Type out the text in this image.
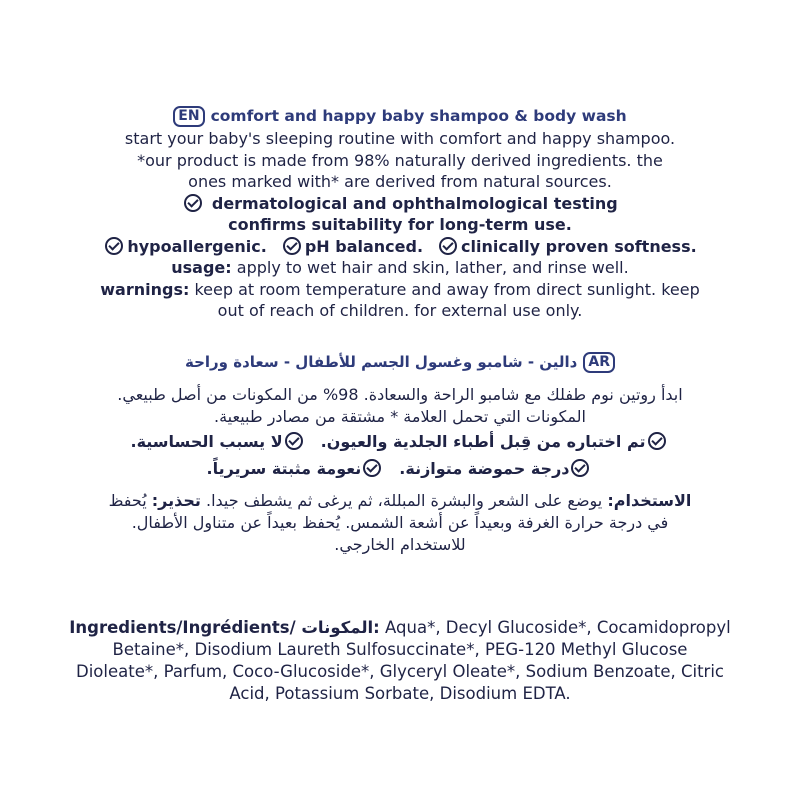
EN comfort and happy baby shampoo & body wash
start your baby's sleeping routine with comfort and happy shampoo.
*our product is made from 98% naturally derived ingredients. the
ones marked with* are derived from natural sources.
dermatological and ophthalmological testing
confirms suitability for long-term use.
hypoallergenic. pH balanced. clinically proven softness.
usage: apply to wet hair and skin, lather, and rinse well.
warnings: keep at room temperature and away from direct sunlight. keep
out of reach of children. for external use only.
ARدالين - شامبو وغسول الجسم للأطفال - سعادة وراحة
ابدأ روتين نوم طفلك مع شامبو الراحة والسعادة. 98% من المكونات من أصل طبيعي.
المكونات التي تحمل العلامة * مشتقة من مصادر طبيعية.
تم اختباره من قِبل أطباء الجلدية والعيون.لا يسبب الحساسية.
درجة حموضة متوازنة.نعومة مثبتة سريرياً.
الاستخدام: يوضع على الشعر والبشرة المبللة، ثم يرغى ثم يشطف جيدا. تحذير: يُحفظ
في درجة حرارة الغرفة وبعيداً عن أشعة الشمس. يُحفظ بعيداً عن متناول الأطفال.
للاستخدام الخارجي.
Ingredients/Ingrédients/ المكونات: Aqua*, Decyl Glucoside*, Cocamidopropyl
Betaine*, Disodium Laureth Sulfosuccinate*, PEG-120 Methyl Glucose
Dioleate*, Parfum, Coco-Glucoside*, Glyceryl Oleate*, Sodium Benzoate, Citric
Acid, Potassium Sorbate, Disodium EDTA.
